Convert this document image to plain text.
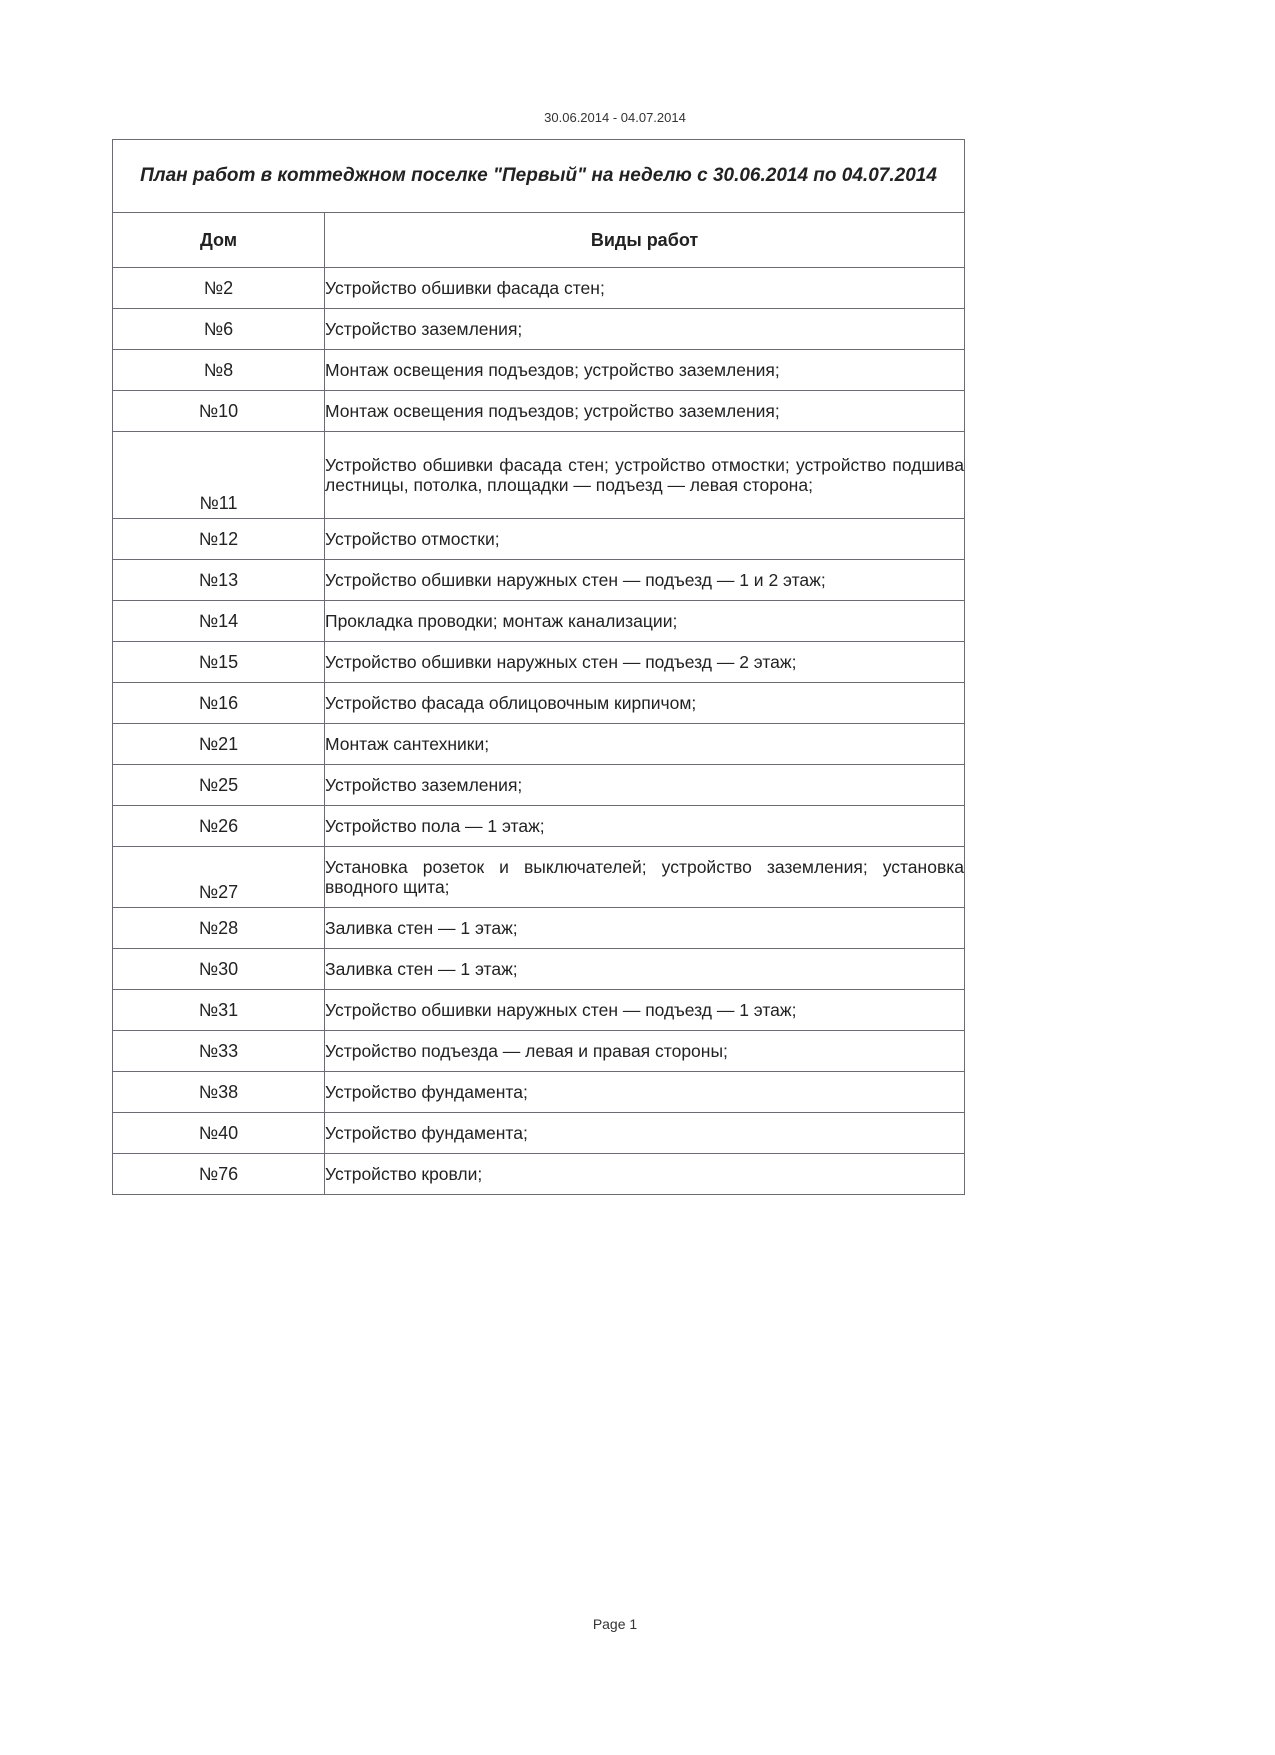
30.06.2014 - 04.07.2014
План работ в коттеджном поселке "Первый" на неделю с 30.06.2014 по 04.07.2014	
Дом	Виды работ
№2	Устройство обшивки фасада стен;
№6	Устройство заземления;
№8	Монтаж освещения подъездов; устройство заземления;
№10	Монтаж освещения подъездов; устройство заземления;
№11	Устройство обшивки фасада стен; устройство отмостки; устройство подшива лестницы, потолка, площадки — подъезд — левая сторона;
№12	Устройство отмостки;
№13	Устройство обшивки наружных стен — подъезд — 1 и 2 этаж;
№14	Прокладка проводки; монтаж канализации;
№15	Устройство обшивки наружных стен — подъезд — 2 этаж;
№16	Устройство фасада облицовочным кирпичом;
№21	Монтаж сантехники;
№25	Устройство заземления;
№26	Устройство пола — 1 этаж;
№27	Установка розеток и выключателей; устройство заземления; установка вводного щита;
№28	Заливка стен — 1 этаж;
№30	Заливка стен — 1 этаж;
№31	Устройство обшивки наружных стен — подъезд — 1 этаж;
№33	Устройство подъезда — левая и правая стороны;
№38	Устройство фундамента;
№40	Устройство фундамента;
№76	Устройство кровли;
Page 1
